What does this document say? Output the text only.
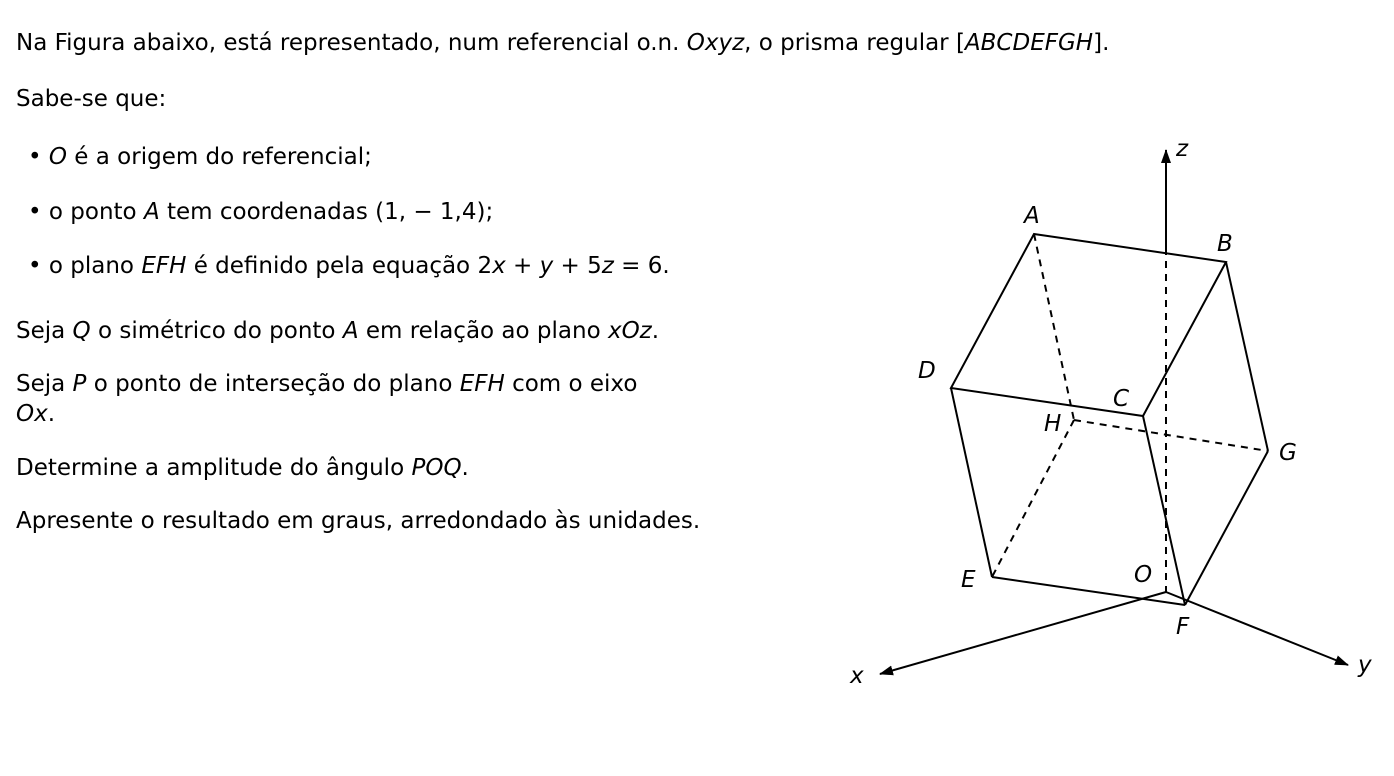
Na Figura abaixo, está representado, num referencial o.n. Oxyz, o prisma regular [ABCDEFGH].

Sabe-se que:

• O é a origem do referencial;

• o ponto A tem coordenadas (1, − 1,4);

• o plano EFH é definido pela equação 2x + y + 5z = 6.

Seja Q o simétrico do ponto A em relação ao plano xOz.

Seja P o ponto de interseção do plano EFH com o eixo
Ox.

Determine a amplitude do ângulo POQ.

Apresente o resultado em graus, arredondado às unidades.

z
x	y
O
A
B
C
D
E
F
G
H
